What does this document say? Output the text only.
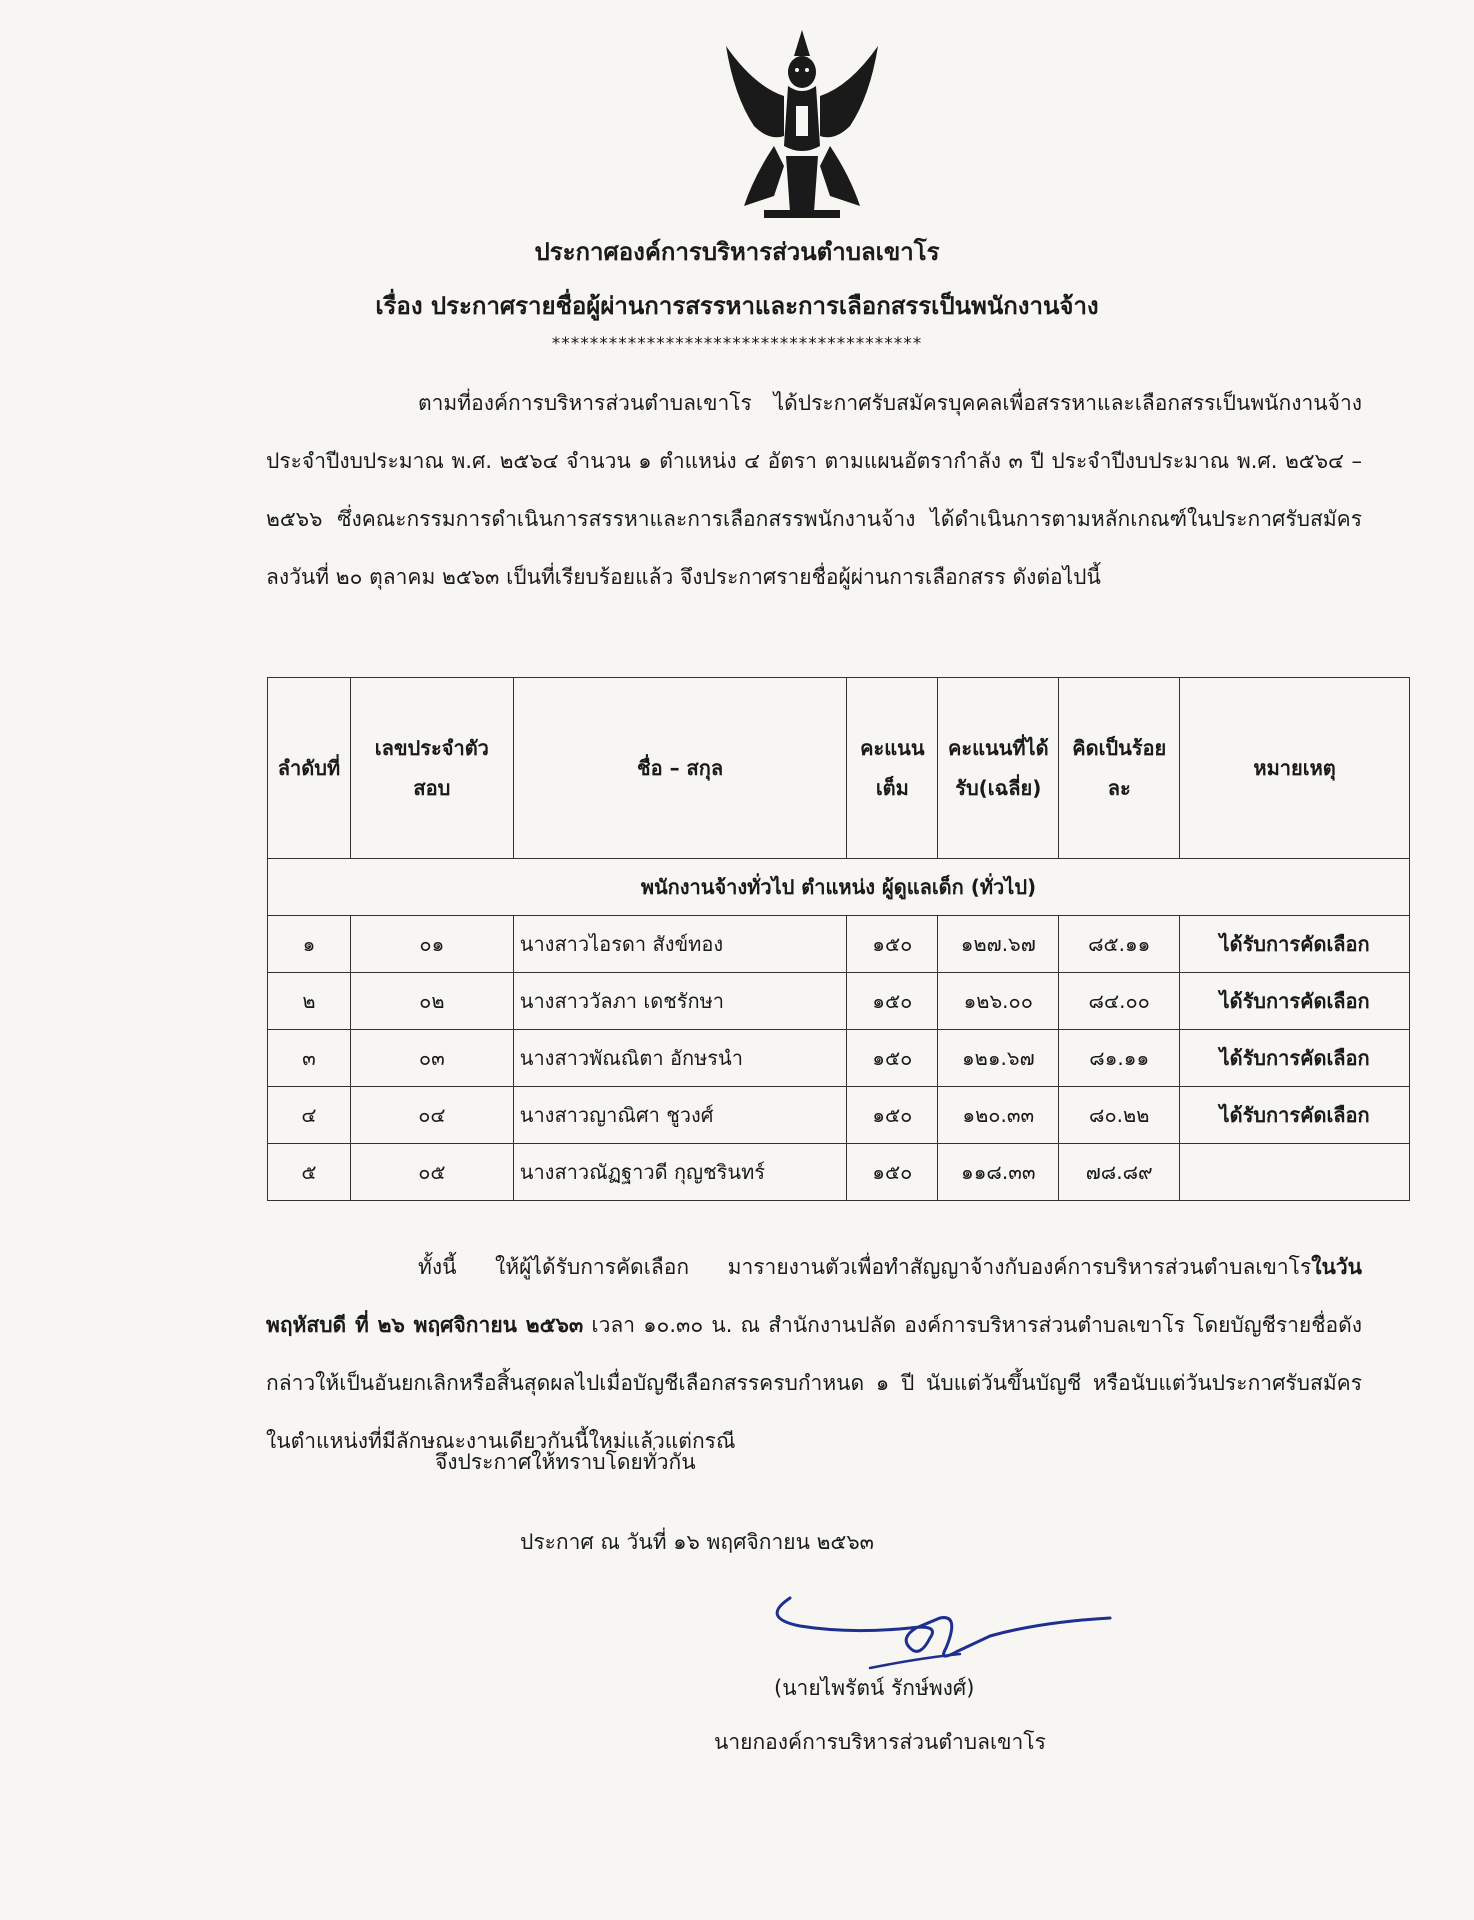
ประกาศองค์การบริหารส่วนตำบลเขาโร
เรื่อง ประกาศรายชื่อผู้ผ่านการสรรหาและการเลือกสรรเป็นพนักงานจ้าง
***************************************

ตามที่องค์การบริหารส่วนตำบลเขาโร ได้ประกาศรับสมัครบุคคลเพื่อสรรหาและเลือกสรรเป็นพนักงานจ้าง ประจำปีงบประมาณ พ.ศ. ๒๕๖๔ จำนวน ๑ ตำแหน่ง ๔ อัตรา ตามแผนอัตรากำลัง ๓ ปี ประจำปีงบประมาณ พ.ศ. ๒๕๖๔ – ๒๕๖๖ ซึ่งคณะกรรมการดำเนินการสรรหาและการเลือกสรรพนักงานจ้าง ได้ดำเนินการตามหลักเกณฑ์ในประกาศรับสมัคร ลงวันที่ ๒๐ ตุลาคม ๒๕๖๓ เป็นที่เรียบร้อยแล้ว จึงประกาศรายชื่อผู้ผ่านการเลือกสรร ดังต่อไปนี้

ลำดับที่	เลขประจำตัวสอบ	ชื่อ – สกุล	คะแนนเต็ม	คะแนนที่ได้รับ(เฉลี่ย)	คิดเป็นร้อยละ	หมายเหตุ
พนักงานจ้างทั่วไป ตำแหน่ง ผู้ดูแลเด็ก (ทั่วไป)						
๑	๐๑	นางสาวไอรดา สังข์ทอง	๑๕๐	๑๒๗.๖๗	๘๕.๑๑	ได้รับการคัดเลือก
๒	๐๒	นางสาววัลภา เดชรักษา	๑๕๐	๑๒๖.๐๐	๘๔.๐๐	ได้รับการคัดเลือก
๓	๐๓	นางสาวพัณณิตา อักษรนำ	๑๕๐	๑๒๑.๖๗	๘๑.๑๑	ได้รับการคัดเลือก
๔	๐๔	นางสาวญาณิศา ชูวงศ์	๑๕๐	๑๒๐.๓๓	๘๐.๒๒	ได้รับการคัดเลือก
๕	๐๕	นางสาวณัฏฐาวดี กุญชรินทร์	๑๕๐	๑๑๘.๓๓	๗๘.๘๙	

ทั้งนี้ ให้ผู้ได้รับการคัดเลือก มารายงานตัวเพื่อทำสัญญาจ้างกับองค์การบริหารส่วนตำบลเขาโรในวันพฤหัสบดี ที่ ๒๖ พฤศจิกายน ๒๕๖๓ เวลา ๑๐.๓๐ น. ณ สำนักงานปลัด องค์การบริหารส่วนตำบลเขาโร โดยบัญชีรายชื่อดังกล่าวให้เป็นอันยกเลิกหรือสิ้นสุดผลไปเมื่อบัญชีเลือกสรรครบกำหนด ๑ ปี นับแต่วันขึ้นบัญชี หรือนับแต่วันประกาศรับสมัครในตำแหน่งที่มีลักษณะงานเดียวกันนี้ใหม่แล้วแต่กรณี

จึงประกาศให้ทราบโดยทั่วกัน
ประกาศ ณ วันที่ ๑๖ พฤศจิกายน ๒๕๖๓
(นายไพรัตน์ รักษ์พงศ์)
นายกองค์การบริหารส่วนตำบลเขาโร
